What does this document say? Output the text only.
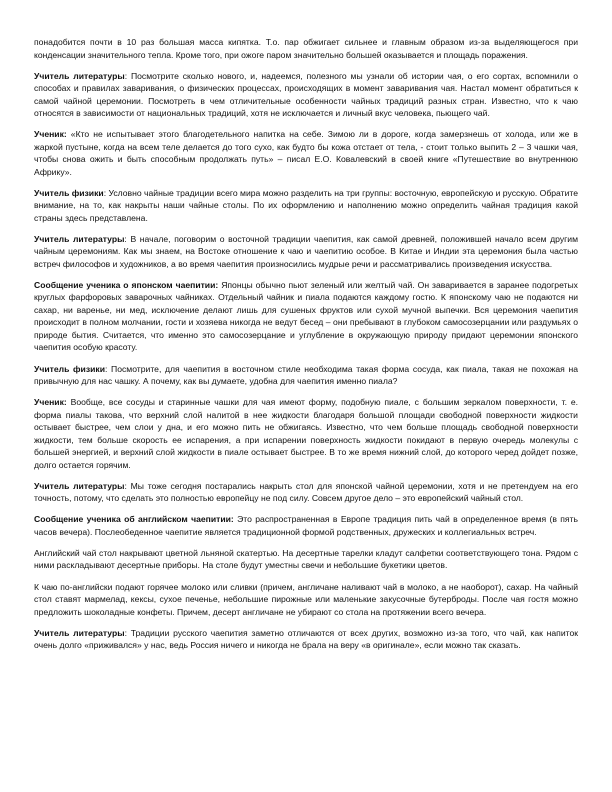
понадобится почти в 10 раз большая масса кипятка. Т.о. пар обжигает сильнее и главным образом из-за выделяющегося при конденсации значительного тепла. Кроме того, при ожоге паром значительно большей оказывается и площадь поражения.

Учитель литературы: Посмотрите сколько нового, и, надеемся, полезного мы узнали об истории чая, о его сортах, вспомнили о способах и правилах заваривания, о физических процессах, происходящих в момент заваривания чая. Настал момент обратиться к самой чайной церемонии. Посмотреть в чем отличительные особенности чайных традиций разных стран. Известно, что к чаю относятся в зависимости от национальных традиций, хотя не исключается и личный вкус человека, пьющего чай.

Ученик: «Кто не испытывает этого благодетельного напитка на себе. Зимою ли в дороге, когда замерзнешь от холода, или же в жаркой пустыне, когда на всем теле делается до того сухо, как будто бы кожа отстает от тела, - стоит только выпить 2 – 3 чашки чая, чтобы снова ожить и быть способным продолжать путь» – писал Е.О. Ковалевский в своей книге «Путешествие во внутреннюю Африку».

Учитель физики: Условно чайные традиции всего мира можно разделить на три группы: восточную, европейскую и русскую. Обратите внимание, на то, как накрыты наши чайные столы. По их оформлению и наполнению можно определить чайная традиция какой страны здесь представлена.

Учитель литературы: В начале, поговорим о восточной традиции чаепития, как самой древней, положившей начало всем другим чайным церемониям. Как мы знаем, на Востоке отношение к чаю и чаепитию особое. В Китае и Индии эта церемония была частью встреч философов и художников, а во время чаепития произносились мудрые речи и рассматривались произведения искусства.

Сообщение ученика о японском чаепитии: Японцы обычно пьют зеленый или желтый чай. Он заваривается в заранее подогретых круглых фарфоровых заварочных чайниках. Отдельный чайник и пиала подаются каждому гостю. К японскому чаю не подаются ни сахар, ни варенье, ни мед, исключение делают лишь для сушеных фруктов или сухой мучной выпечки. Вся церемония чаепития происходит в полном молчании, гости и хозяева никогда не ведут бесед – они пребывают в глубоком самосозерцании или раздумьях о природе бытия. Считается, что именно это самосозерцание и углубление в окружающую природу придают церемонии японского чаепития особую красоту.

Учитель физики: Посмотрите, для чаепития в восточном стиле необходима такая форма сосуда, как пиала, такая не похожая на привычную для нас чашку. А почему, как вы думаете, удобна для чаепития именно пиала?

Ученик: Вообще, все сосуды и старинные чашки для чая имеют форму, подобную пиале, с большим зеркалом поверхности, т. е. форма пиалы такова, что верхний слой налитой в нее жидкости благодаря большой площади свободной поверхности жидкости остывает быстрее, чем слои у дна, и его можно пить не обжигаясь. Известно, что чем больше площадь свободной поверхности жидкости, тем больше скорость ее испарения, а при испарении поверхность жидкости покидают в первую очередь молекулы с большей энергией, и верхний слой жидкости в пиале остывает быстрее. В то же время нижний слой, до которого черед дойдет позже, долго остается горячим.

Учитель литературы: Мы тоже сегодня постарались накрыть стол для японской чайной церемонии, хотя и не претендуем на его точность, потому, что сделать это полностью европейцу не под силу. Совсем другое дело – это европейский чайный стол.

Сообщение ученика об английском чаепитии: Это распространенная в Европе традиция пить чай в определенное время (в пять часов вечера). Послеобеденное чаепитие является традиционной формой родственных, дружеских и коллегиальных встреч.

Английский чай стол накрывают цветной льняной скатертью. На десертные тарелки кладут салфетки соответствующего тона. Рядом с ними раскладывают десертные приборы. На столе будут уместны свечи и небольшие букетики цветов.

К чаю по-английски подают горячее молоко или сливки (причем, англичане наливают чай в молоко, а не наоборот), сахар. На чайный стол ставят мармелад, кексы, сухое печенье, небольшие пирожные или маленькие закусочные бутерброды. После чая гостя можно предложить шоколадные конфеты. Причем, десерт англичане не убирают со стола на протяжении всего вечера.

Учитель литературы: Традиции русского чаепития заметно отличаются от всех других, возможно из-за того, что чай, как напиток очень долго «приживался» у нас, ведь Россия ничего и никогда не брала на веру «в оригинале», если можно так сказать.
